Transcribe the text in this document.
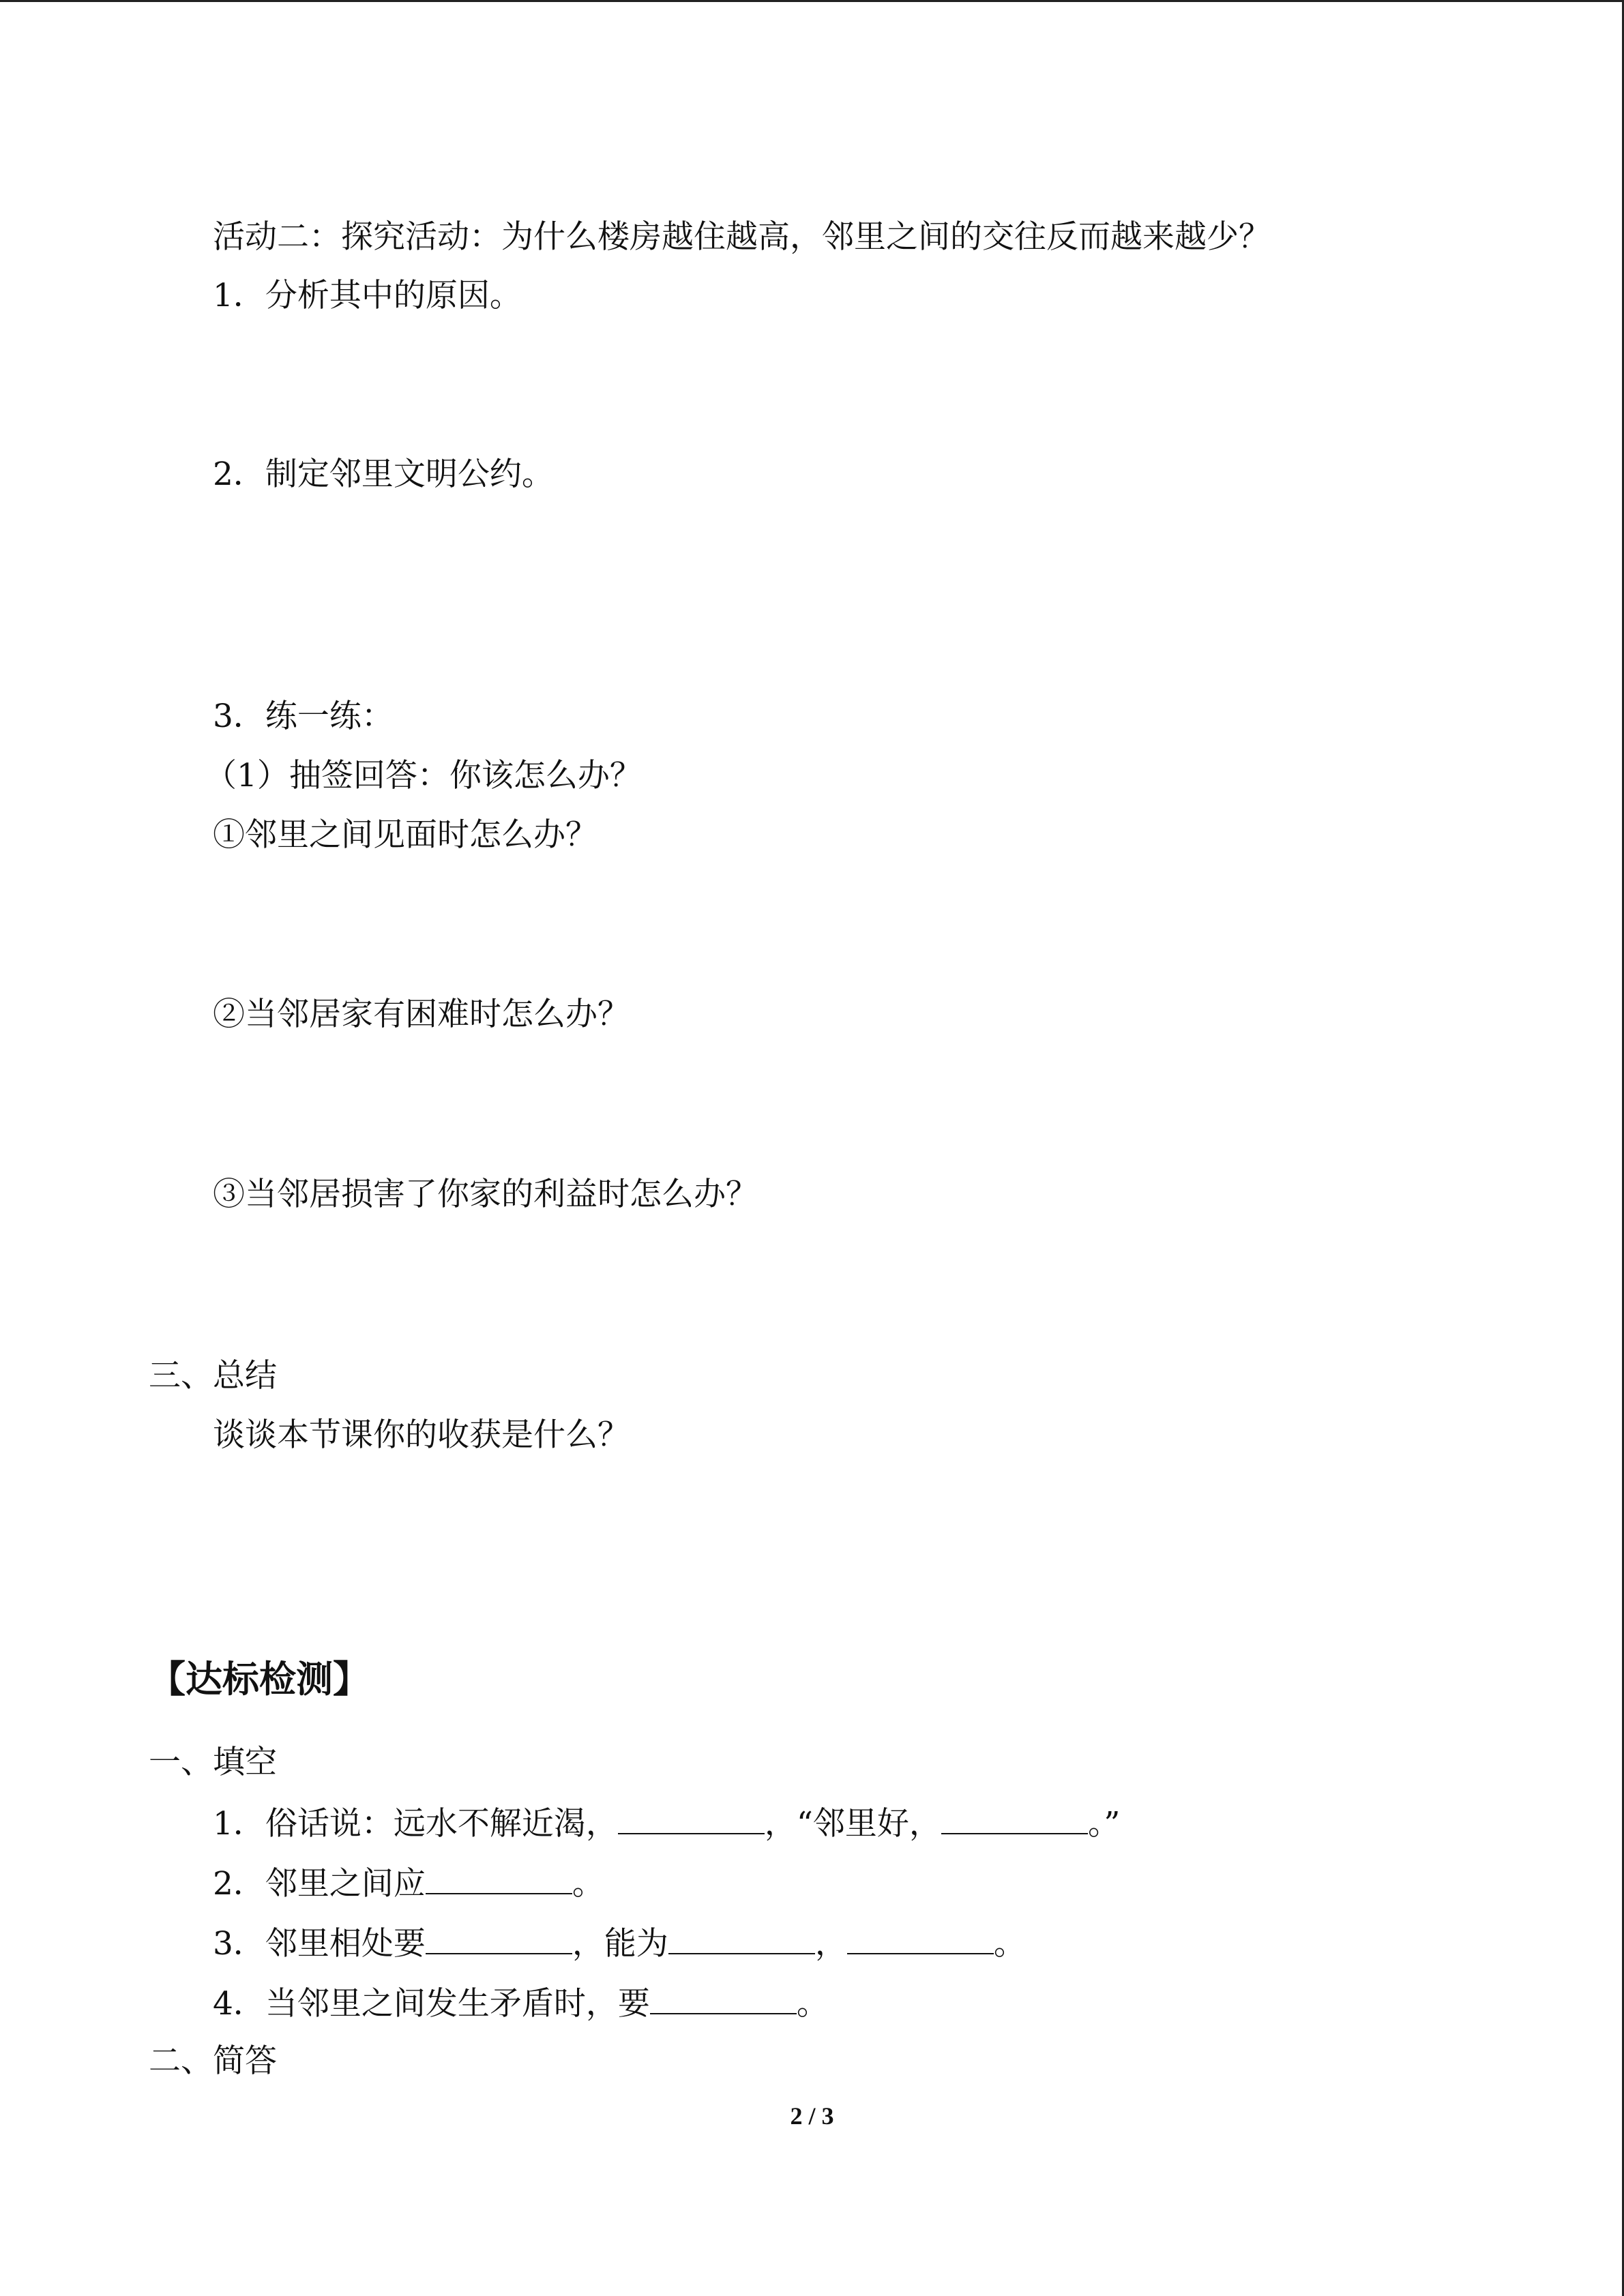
活动二：探究活动：为什么楼房越住越高，邻里之间的交往反而越来越少？
1．分析其中的原因。
2．制定邻里文明公约。
3．练一练：
（1）抽签回答：你该怎么办？
①邻里之间见面时怎么办？
②当邻居家有困难时怎么办？
③当邻居损害了你家的利益时怎么办？
三、总结
谈谈本节课你的收获是什么？
【达标检测】
一、填空
1．俗话说：远水不解近渴，	，“邻里好，	。”
2．邻里之间应	。
3．邻里相处要	，能为	，	。
4．当邻里之间发生矛盾时，要	。
二、简答
2 / 3
